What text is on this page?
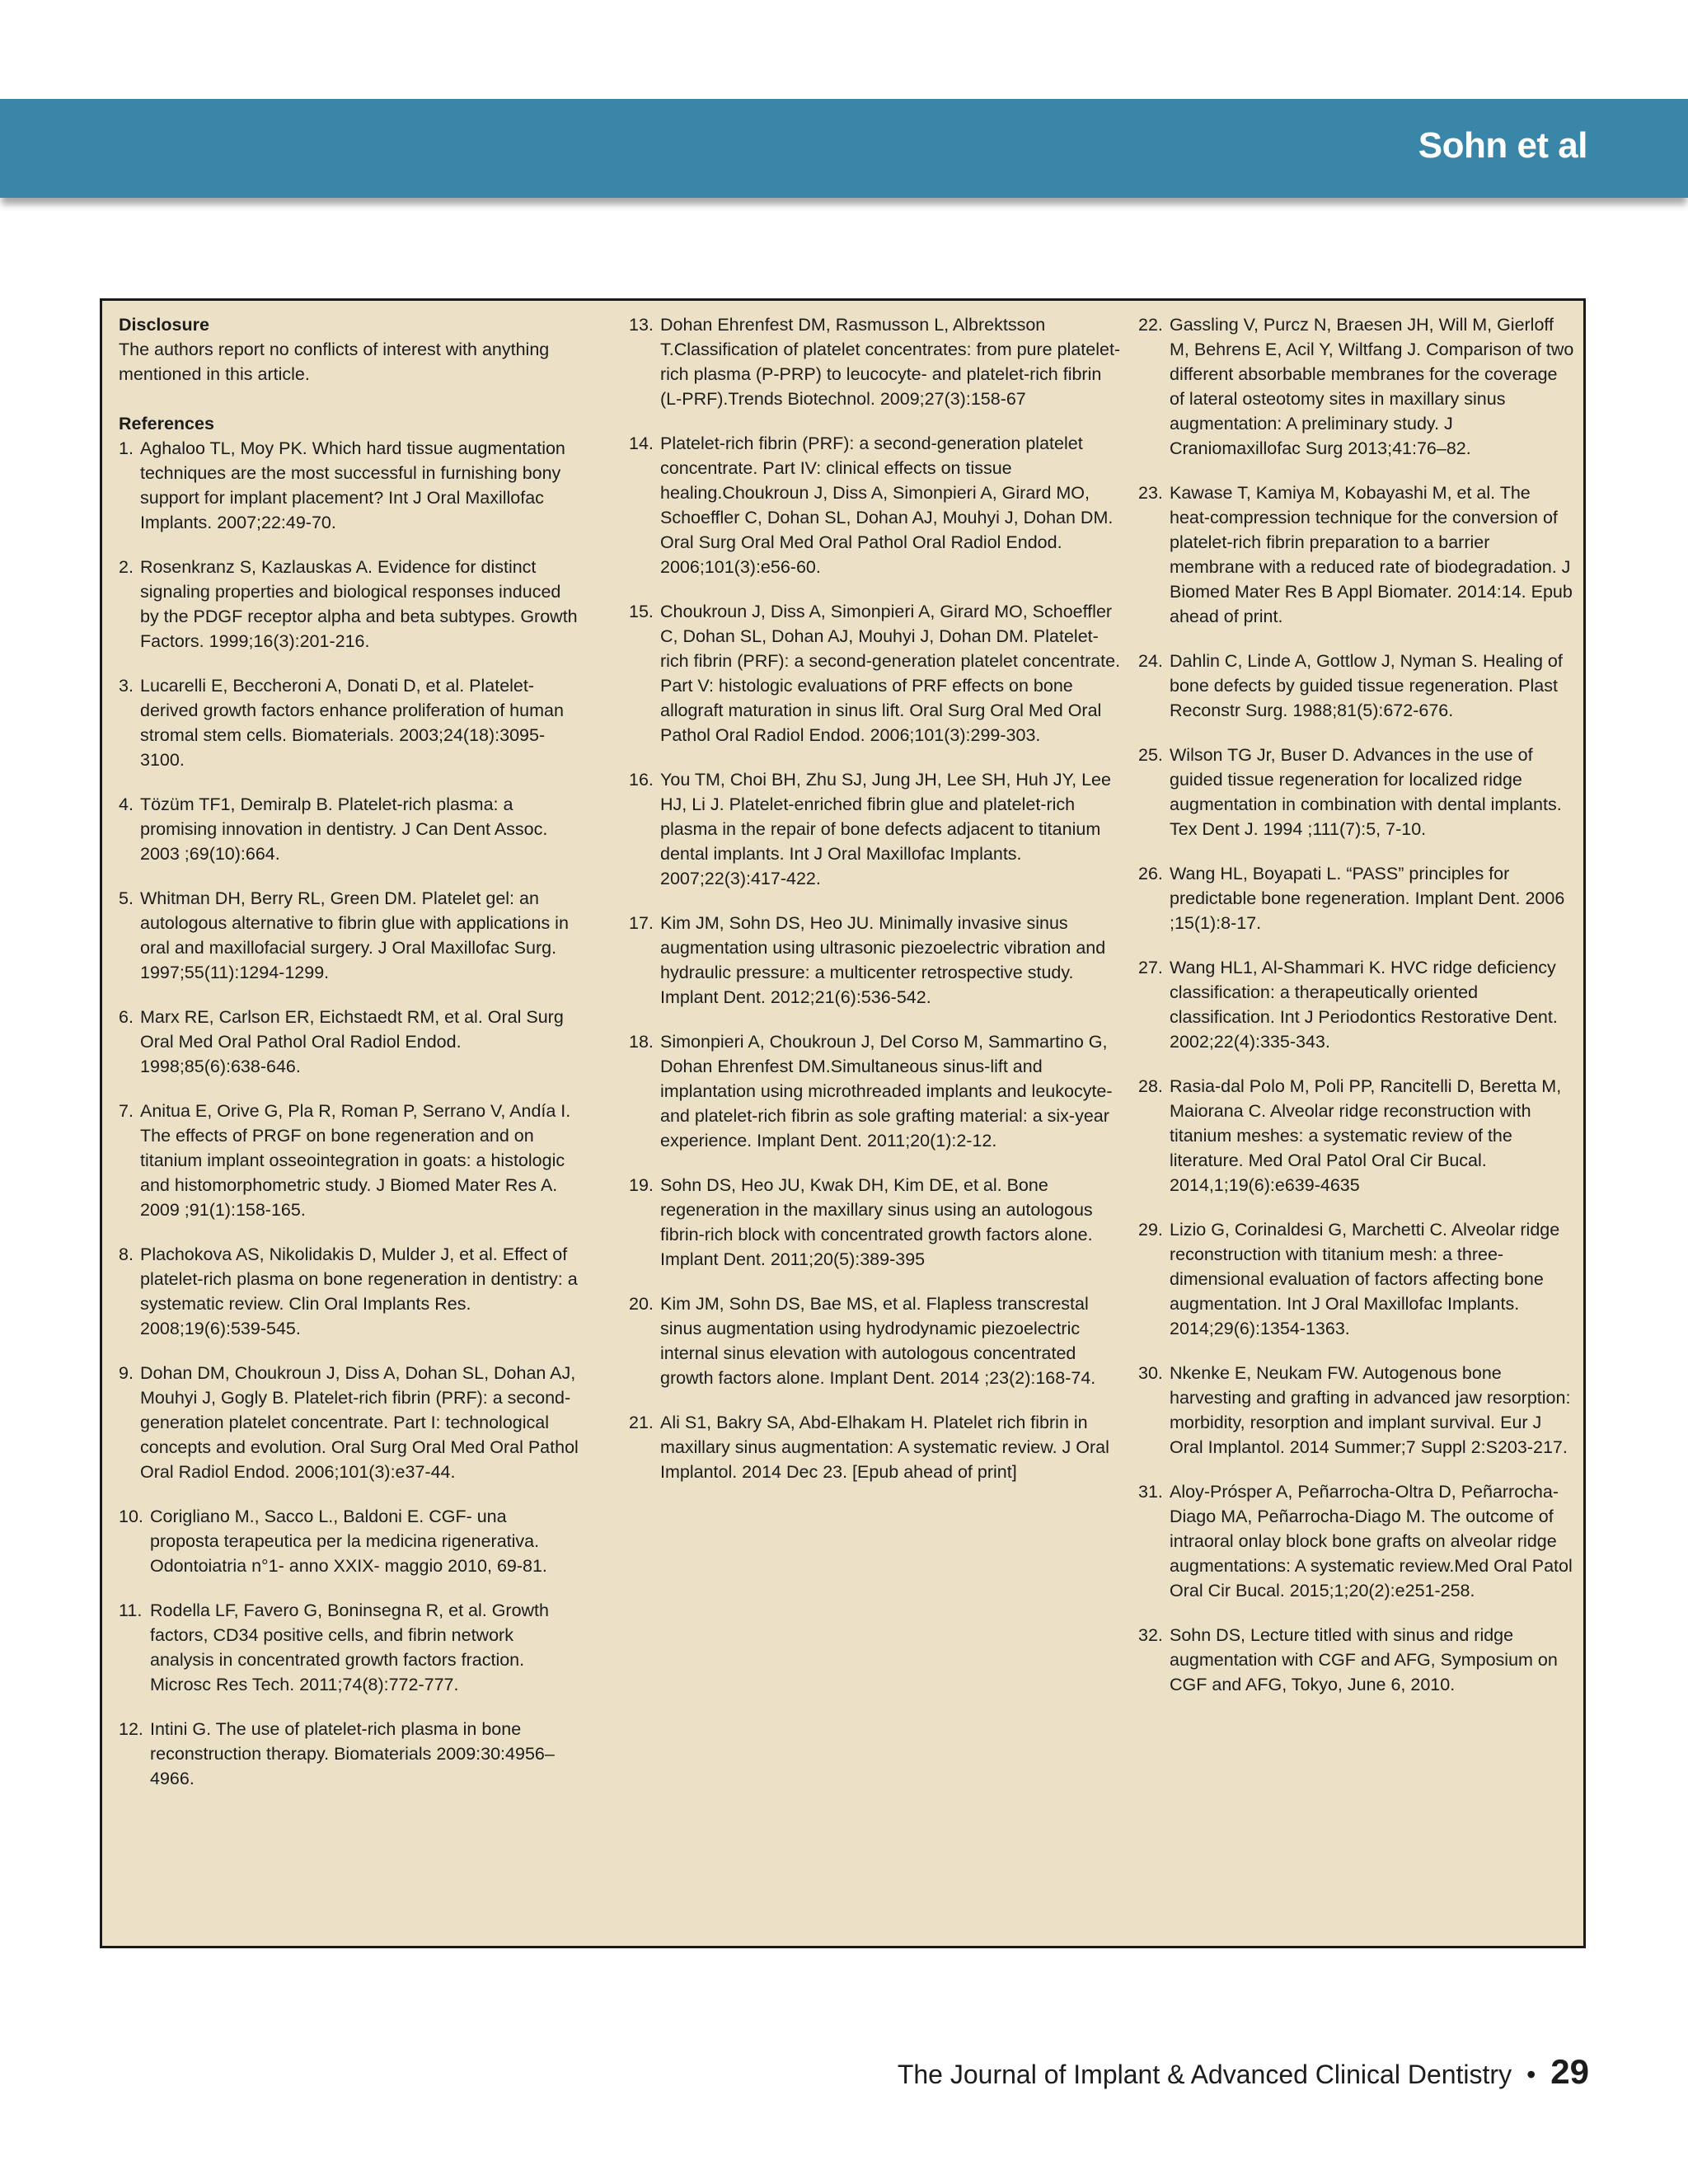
Sohn et al

Disclosure

The authors report no conflicts of interest with anything mentioned in this article.

References

1. Aghaloo TL, Moy PK. Which hard tissue augmentation techniques are the most successful in furnishing bony support for implant placement? Int J Oral Maxillofac Implants. 2007;22:49-70.
2. Rosenkranz S, Kazlauskas A. Evidence for distinct signaling properties and biological responses induced by the PDGF receptor alpha and beta subtypes. Growth Factors. 1999;16(3):201-216.
3. Lucarelli E, Beccheroni A, Donati D, et al. Platelet-derived growth factors enhance proliferation of human stromal stem cells. Biomaterials. 2003;24(18):3095-3100.
4. Tözüm TF1, Demiralp B. Platelet-rich plasma: a promising innovation in dentistry. J Can Dent Assoc. 2003 ;69(10):664.
5. Whitman DH, Berry RL, Green DM. Platelet gel: an autologous alternative to fibrin glue with applications in oral and maxillofacial surgery. J Oral Maxillofac Surg. 1997;55(11):1294-1299.
6. Marx RE, Carlson ER, Eichstaedt RM, et al. Oral Surg Oral Med Oral Pathol Oral Radiol Endod. 1998;85(6):638-646.
7. Anitua E, Orive G, Pla R, Roman P, Serrano V, Andía I. The effects of PRGF on bone regeneration and on titanium implant osseointegration in goats: a histologic and histomorphometric study. J Biomed Mater Res A. 2009 ;91(1):158-165.
8. Plachokova AS, Nikolidakis D, Mulder J, et al. Effect of platelet-rich plasma on bone regeneration in dentistry: a systematic review. Clin Oral Implants Res. 2008;19(6):539-545.
9. Dohan DM, Choukroun J, Diss A, Dohan SL, Dohan AJ, Mouhyi J, Gogly B. Platelet-rich fibrin (PRF): a second-generation platelet concentrate. Part I: technological concepts and evolution. Oral Surg Oral Med Oral Pathol Oral Radiol Endod. 2006;101(3):e37-44.
10. Corigliano M., Sacco L., Baldoni E. CGF- una proposta terapeutica per la medicina rigenerativa. Odontoiatria n°1- anno XXIX- maggio 2010, 69-81.
11. Rodella LF, Favero G, Boninsegna R, et al. Growth factors, CD34 positive cells, and fibrin network analysis in concentrated growth factors fraction. Microsc Res Tech. 2011;74(8):772-777.
12. Intini G. The use of platelet-rich plasma in bone reconstruction therapy. Biomaterials 2009:30:4956–4966.
13. Dohan Ehrenfest DM, Rasmusson L, Albrektsson T.Classification of platelet concentrates: from pure platelet-rich plasma (P-PRP) to leucocyte- and platelet-rich fibrin (L-PRF).Trends Biotechnol. 2009;27(3):158-67
14. Platelet-rich fibrin (PRF): a second-generation platelet concentrate. Part IV: clinical effects on tissue healing.Choukroun J, Diss A, Simonpieri A, Girard MO, Schoeffler C, Dohan SL, Dohan AJ, Mouhyi J, Dohan DM. Oral Surg Oral Med Oral Pathol Oral Radiol Endod. 2006;101(3):e56-60.
15. Choukroun J, Diss A, Simonpieri A, Girard MO, Schoeffler C, Dohan SL, Dohan AJ, Mouhyi J, Dohan DM. Platelet-rich fibrin (PRF): a second-generation platelet concentrate. Part V: histologic evaluations of PRF effects on bone allograft maturation in sinus lift. Oral Surg Oral Med Oral Pathol Oral Radiol Endod. 2006;101(3):299-303.
16. You TM, Choi BH, Zhu SJ, Jung JH, Lee SH, Huh JY, Lee HJ, Li J. Platelet-enriched fibrin glue and platelet-rich plasma in the repair of bone defects adjacent to titanium dental implants. Int J Oral Maxillofac Implants. 2007;22(3):417-422.
17. Kim JM, Sohn DS, Heo JU. Minimally invasive sinus augmentation using ultrasonic piezoelectric vibration and hydraulic pressure: a multicenter retrospective study. Implant Dent. 2012;21(6):536-542.
18. Simonpieri A, Choukroun J, Del Corso M, Sammartino G, Dohan Ehrenfest DM.Simultaneous sinus-lift and implantation using microthreaded implants and leukocyte- and platelet-rich fibrin as sole grafting material: a six-year experience. Implant Dent. 2011;20(1):2-12.
19. Sohn DS, Heo JU, Kwak DH, Kim DE, et al. Bone regeneration in the maxillary sinus using an autologous fibrin-rich block with concentrated growth factors alone. Implant Dent. 2011;20(5):389-395
20. Kim JM, Sohn DS, Bae MS, et al. Flapless transcrestal sinus augmentation using hydrodynamic piezoelectric internal sinus elevation with autologous concentrated growth factors alone. Implant Dent. 2014 ;23(2):168-74.
21. Ali S1, Bakry SA, Abd-Elhakam H. Platelet rich fibrin in maxillary sinus augmentation: A systematic review. J Oral Implantol. 2014 Dec 23. [Epub ahead of print]
22. Gassling V, Purcz N, Braesen JH, Will M, Gierloff M, Behrens E, Acil Y, Wiltfang J. Comparison of two different absorbable membranes for the coverage of lateral osteotomy sites in maxillary sinus augmentation: A preliminary study. J Craniomaxillofac Surg 2013;41:76–82.
23. Kawase T, Kamiya M, Kobayashi M, et al. The heat-compression technique for the conversion of platelet-rich fibrin preparation to a barrier membrane with a reduced rate of biodegradation. J Biomed Mater Res B Appl Biomater. 2014:14. Epub ahead of print.
24. Dahlin C, Linde A, Gottlow J, Nyman S. Healing of bone defects by guided tissue regeneration. Plast Reconstr Surg. 1988;81(5):672-676.
25. Wilson TG Jr, Buser D. Advances in the use of guided tissue regeneration for localized ridge augmentation in combination with dental implants. Tex Dent J. 1994 ;111(7):5, 7-10.
26. Wang HL, Boyapati L. “PASS” principles for predictable bone regeneration. Implant Dent. 2006 ;15(1):8-17.
27. Wang HL1, Al-Shammari K. HVC ridge deficiency classification: a therapeutically oriented classification. Int J Periodontics Restorative Dent. 2002;22(4):335-343.
28. Rasia-dal Polo M, Poli PP, Rancitelli D, Beretta M, Maiorana C. Alveolar ridge reconstruction with titanium meshes: a systematic review of the literature. Med Oral Patol Oral Cir Bucal. 2014,1;19(6):e639-4635
29. Lizio G, Corinaldesi G, Marchetti C. Alveolar ridge reconstruction with titanium mesh: a three-dimensional evaluation of factors affecting bone augmentation. Int J Oral Maxillofac Implants. 2014;29(6):1354-1363.
30. Nkenke E, Neukam FW. Autogenous bone harvesting and grafting in advanced jaw resorption: morbidity, resorption and implant survival. Eur J Oral Implantol. 2014 Summer;7 Suppl 2:S203-217.
31. Aloy-Prósper A, Peñarrocha-Oltra D, Peñarrocha-Diago MA, Peñarrocha-Diago M. The outcome of intraoral onlay block bone grafts on alveolar ridge augmentations: A systematic review.Med Oral Patol Oral Cir Bucal. 2015;1;20(2):e251-258.
32. Sohn DS, Lecture titled with sinus and ridge augmentation with CGF and AFG, Symposium on CGF and AFG, Tokyo, June 6, 2010.
The Journal of Implant & Advanced Clinical Dentistry • 29
